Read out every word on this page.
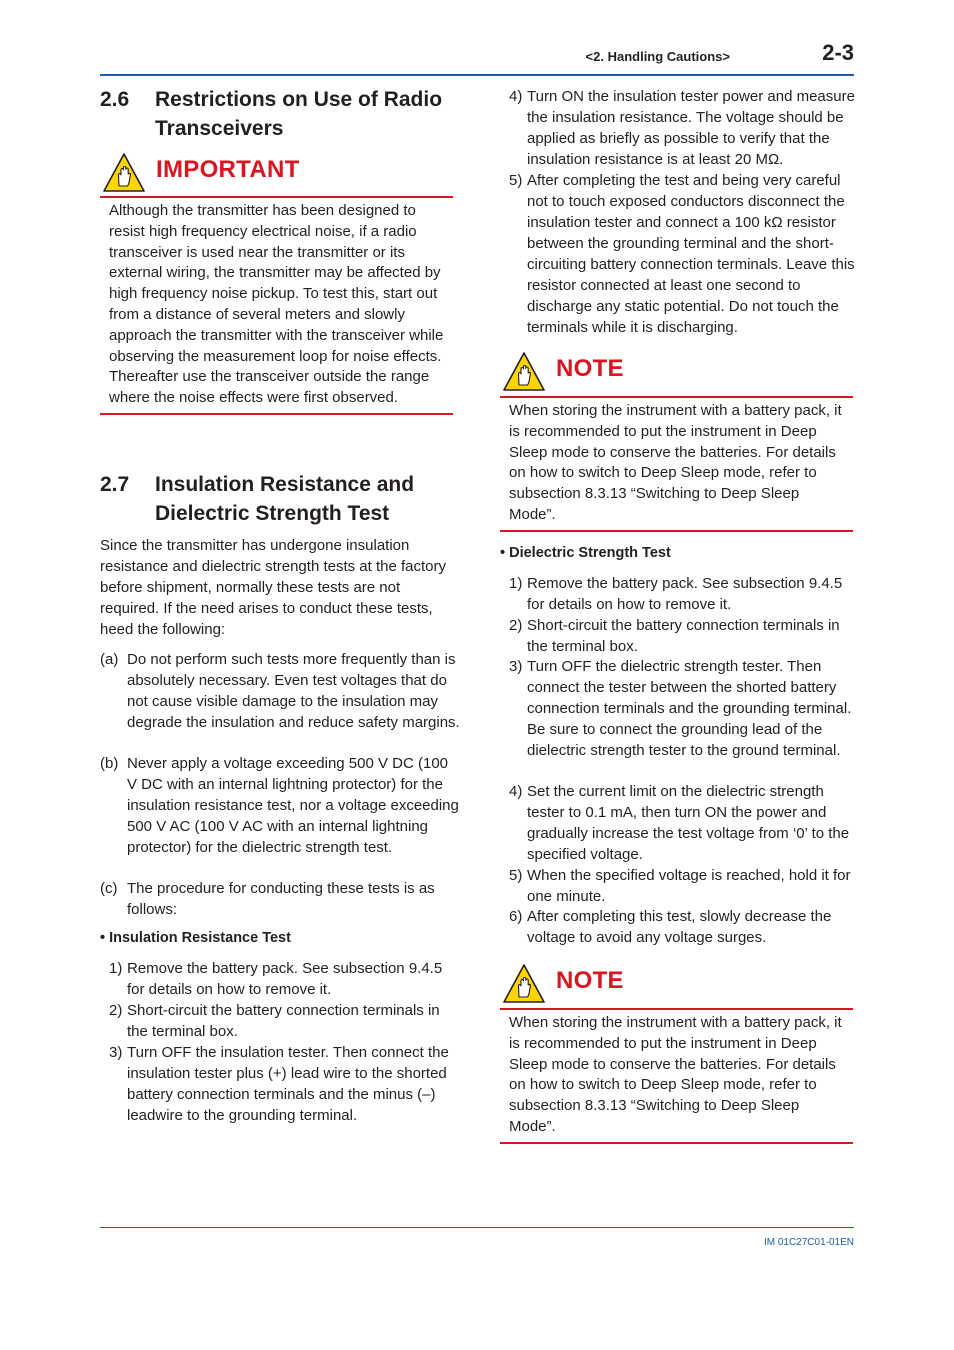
<2. Handling Cautions>	2-3
2.6 Restrictions on Use of Radio Transceivers
IMPORTANT
Although the transmitter has been designed to resist high frequency electrical noise, if a radio transceiver is used near the transmitter or its external wiring, the transmitter may be affected by high frequency noise pickup. To test this, start out from a distance of several meters and slowly approach the transmitter with the transceiver while observing the measurement loop for noise effects. Thereafter use the transceiver outside the range where the noise effects were first observed.
2.7 Insulation Resistance and Dielectric Strength Test
Since the transmitter has undergone insulation resistance and dielectric strength tests at the factory before shipment, normally these tests are not required. If the need arises to conduct these tests, heed the following:
(a) Do not perform such tests more frequently than is absolutely necessary. Even test voltages that do not cause visible damage to the insulation may degrade the insulation and reduce safety margins.
(b) Never apply a voltage exceeding 500 V DC (100 V DC with an internal lightning protector) for the insulation resistance test, nor a voltage exceeding 500 V AC (100 V AC with an internal lightning protector) for the dielectric strength test.
(c) The procedure for conducting these tests is as follows:
• Insulation Resistance Test
1) Remove the battery pack. See subsection 9.4.5 for details on how to remove it.
2) Short-circuit the battery connection terminals in the terminal box.
3) Turn OFF the insulation tester. Then connect the insulation tester plus (+) lead wire to the shorted battery connection terminals and the minus (–) leadwire to the grounding terminal.
4) Turn ON the insulation tester power and measure the insulation resistance. The voltage should be applied as briefly as possible to verify that the insulation resistance is at least 20 MΩ.
5) After completing the test and being very careful not to touch exposed conductors disconnect the insulation tester and connect a 100 kΩ resistor between the grounding terminal and the short-circuiting battery connection terminals. Leave this resistor connected at least one second to discharge any static potential. Do not touch the terminals while it is discharging.
NOTE
When storing the instrument with a battery pack, it is recommended to put the instrument in Deep Sleep mode to conserve the batteries. For details on how to switch to Deep Sleep mode, refer to subsection 8.3.13 “Switching to Deep Sleep Mode”.
• Dielectric Strength Test
1) Remove the battery pack. See subsection 9.4.5 for details on how to remove it.
2) Short-circuit the battery connection terminals in the terminal box.
3) Turn OFF the dielectric strength tester. Then connect the tester between the shorted battery connection terminals and the grounding terminal. Be sure to connect the grounding lead of the dielectric strength tester to the ground terminal.
4) Set the current limit on the dielectric strength tester to 0.1 mA, then turn ON the power and gradually increase the test voltage from ‘0’ to the specified voltage.
5) When the specified voltage is reached, hold it for one minute.
6) After completing this test, slowly decrease the voltage to avoid any voltage surges.
NOTE
When storing the instrument with a battery pack, it is recommended to put the instrument in Deep Sleep mode to conserve the batteries. For details on how to switch to Deep Sleep mode, refer to subsection 8.3.13 “Switching to Deep Sleep Mode”.
IM 01C27C01-01EN
